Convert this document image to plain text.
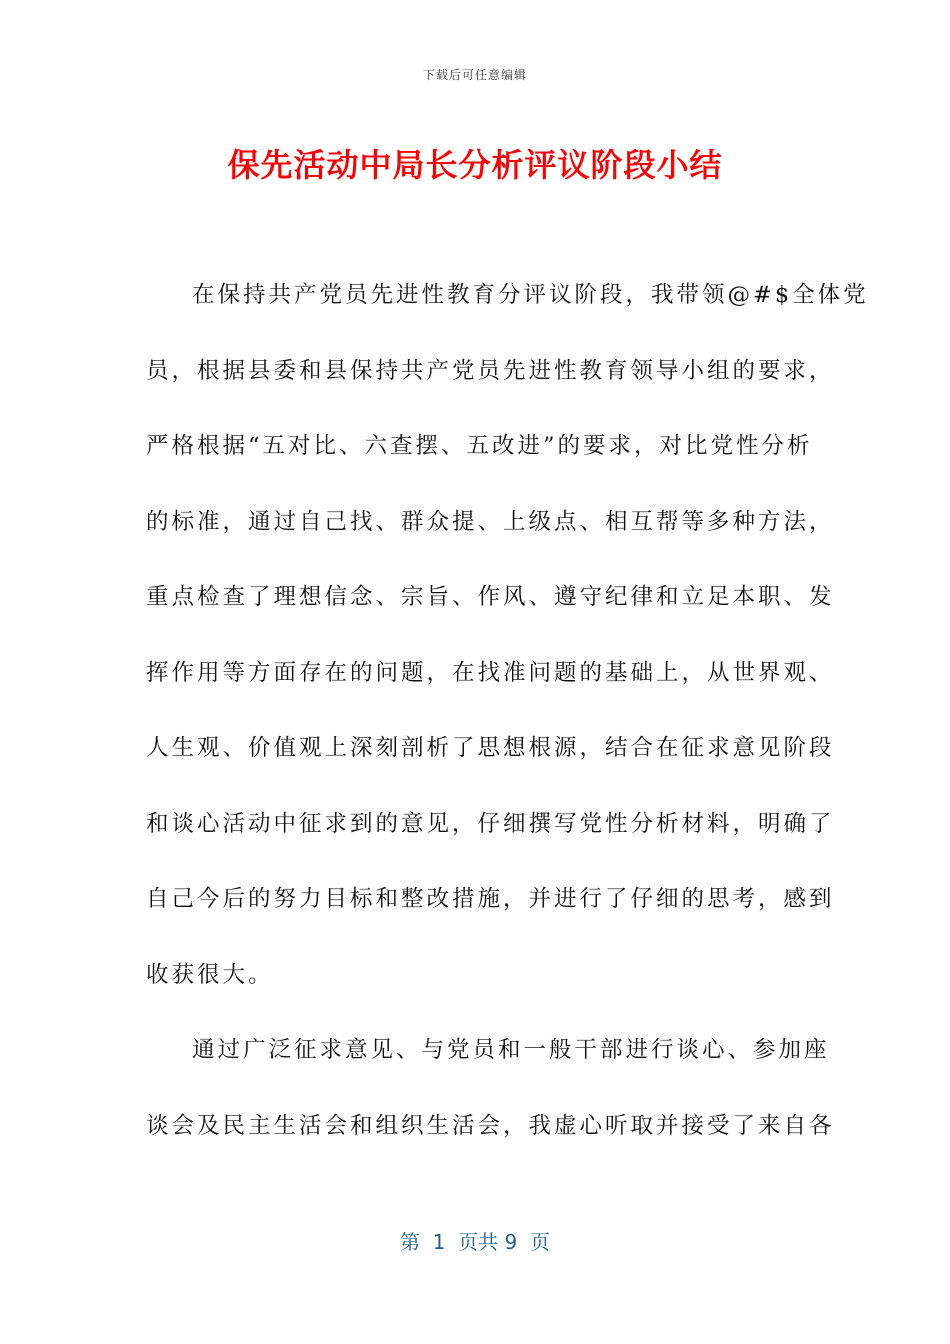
下载后可任意编辑
保先活动中局长分析评议阶段小结
在保持共产党员先进性教育分评议阶段，我带领@#$全体党
员，根据县委和县保持共产党员先进性教育领导小组的要求，
严格根据“五对比、六查摆、五改进”的要求，对比党性分析
的标准，通过自己找、群众提、上级点、相互帮等多种方法，
重点检查了理想信念、宗旨、作风、遵守纪律和立足本职、发
挥作用等方面存在的问题，在找准问题的基础上，从世界观、
人生观、价值观上深刻剖析了思想根源，结合在征求意见阶段
和谈心活动中征求到的意见，仔细撰写党性分析材料，明确了
自己今后的努力目标和整改措施，并进行了仔细的思考，感到
收获很大。
通过广泛征求意见、与党员和一般干部进行谈心、参加座
谈会及民主生活会和组织生活会，我虚心听取并接受了来自各
第  1  页共 9  页
